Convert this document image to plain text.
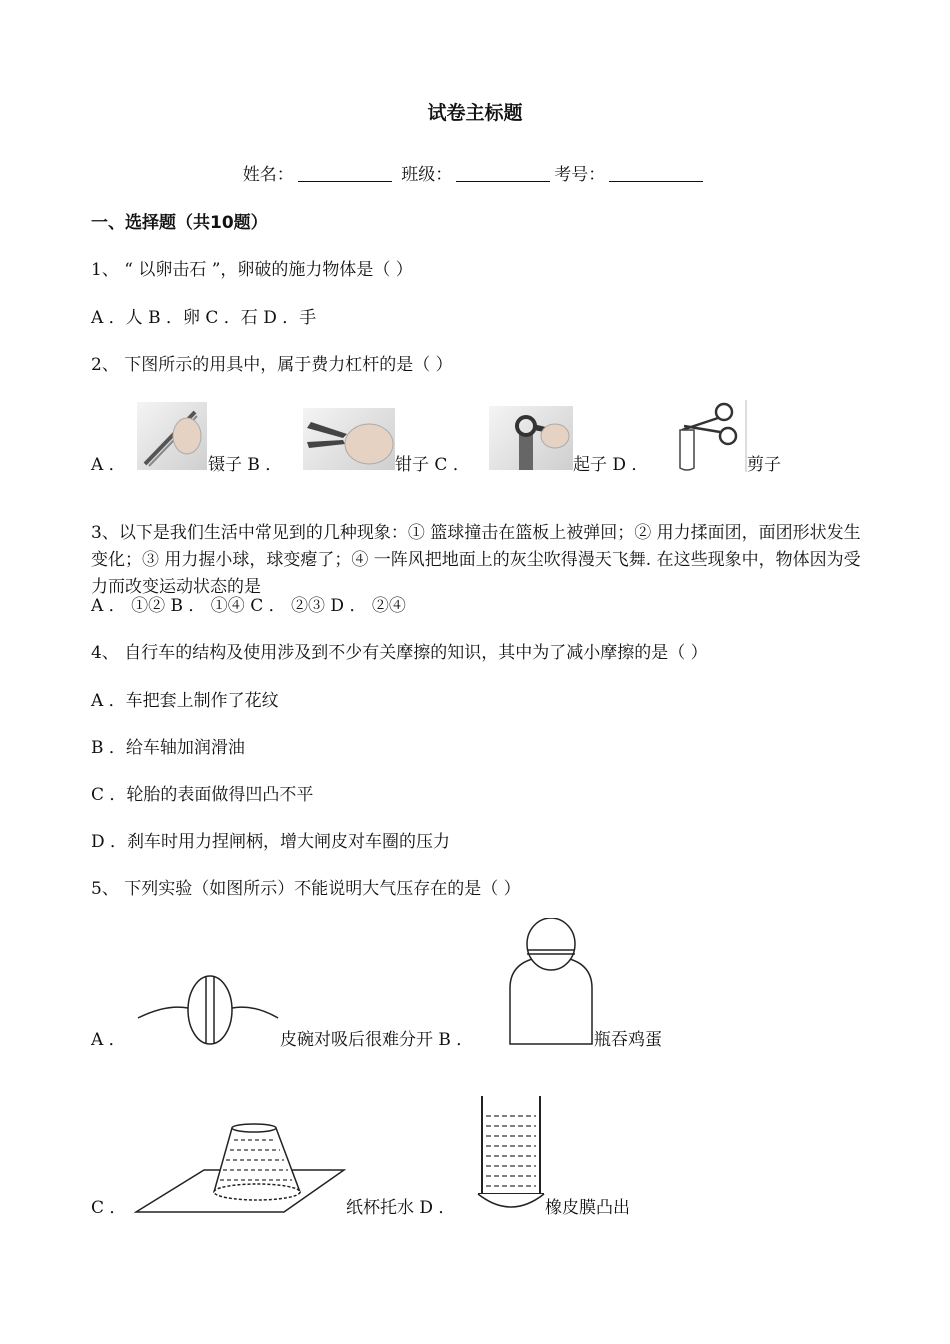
试卷主标题
姓名：	班级：	考号：
一、选择题（共10题）
1、 “ 以卵击石 ”，卵破的施力物体是（ ）
A ．人 B ．卵 C ．石 D ．手
2、 下图所示的用具中，属于费力杠杆的是（ ）
A ．	镊子 B ．	钳子 C ．	起子 D ．	剪子
3、以下是我们生活中常见到的几种现象：① 篮球撞击在篮板上被弹回；② 用力揉面团，面团形状发生变化；③ 用力握小球，球变瘪了；④ 一阵风把地面上的灰尘吹得漫天飞舞. 在这些现象中，物体因为受力而改变运动状态的是
A ． ①② B ． ①④ C ． ②③ D ． ②④
4、 自行车的结构及使用涉及到不少有关摩擦的知识，其中为了减小摩擦的是（ ）
A ．车把套上制作了花纹
B ．给车轴加润滑油
C ．轮胎的表面做得凹凸不平
D ．刹车时用力捏闸柄，增大闸皮对车圈的压力
5、 下列实验（如图所示）不能说明大气压存在的是（ ）
A ．	皮碗对吸后很难分开 B ．	瓶吞鸡蛋
C ．	纸杯托水 D ．	橡皮膜凸出
